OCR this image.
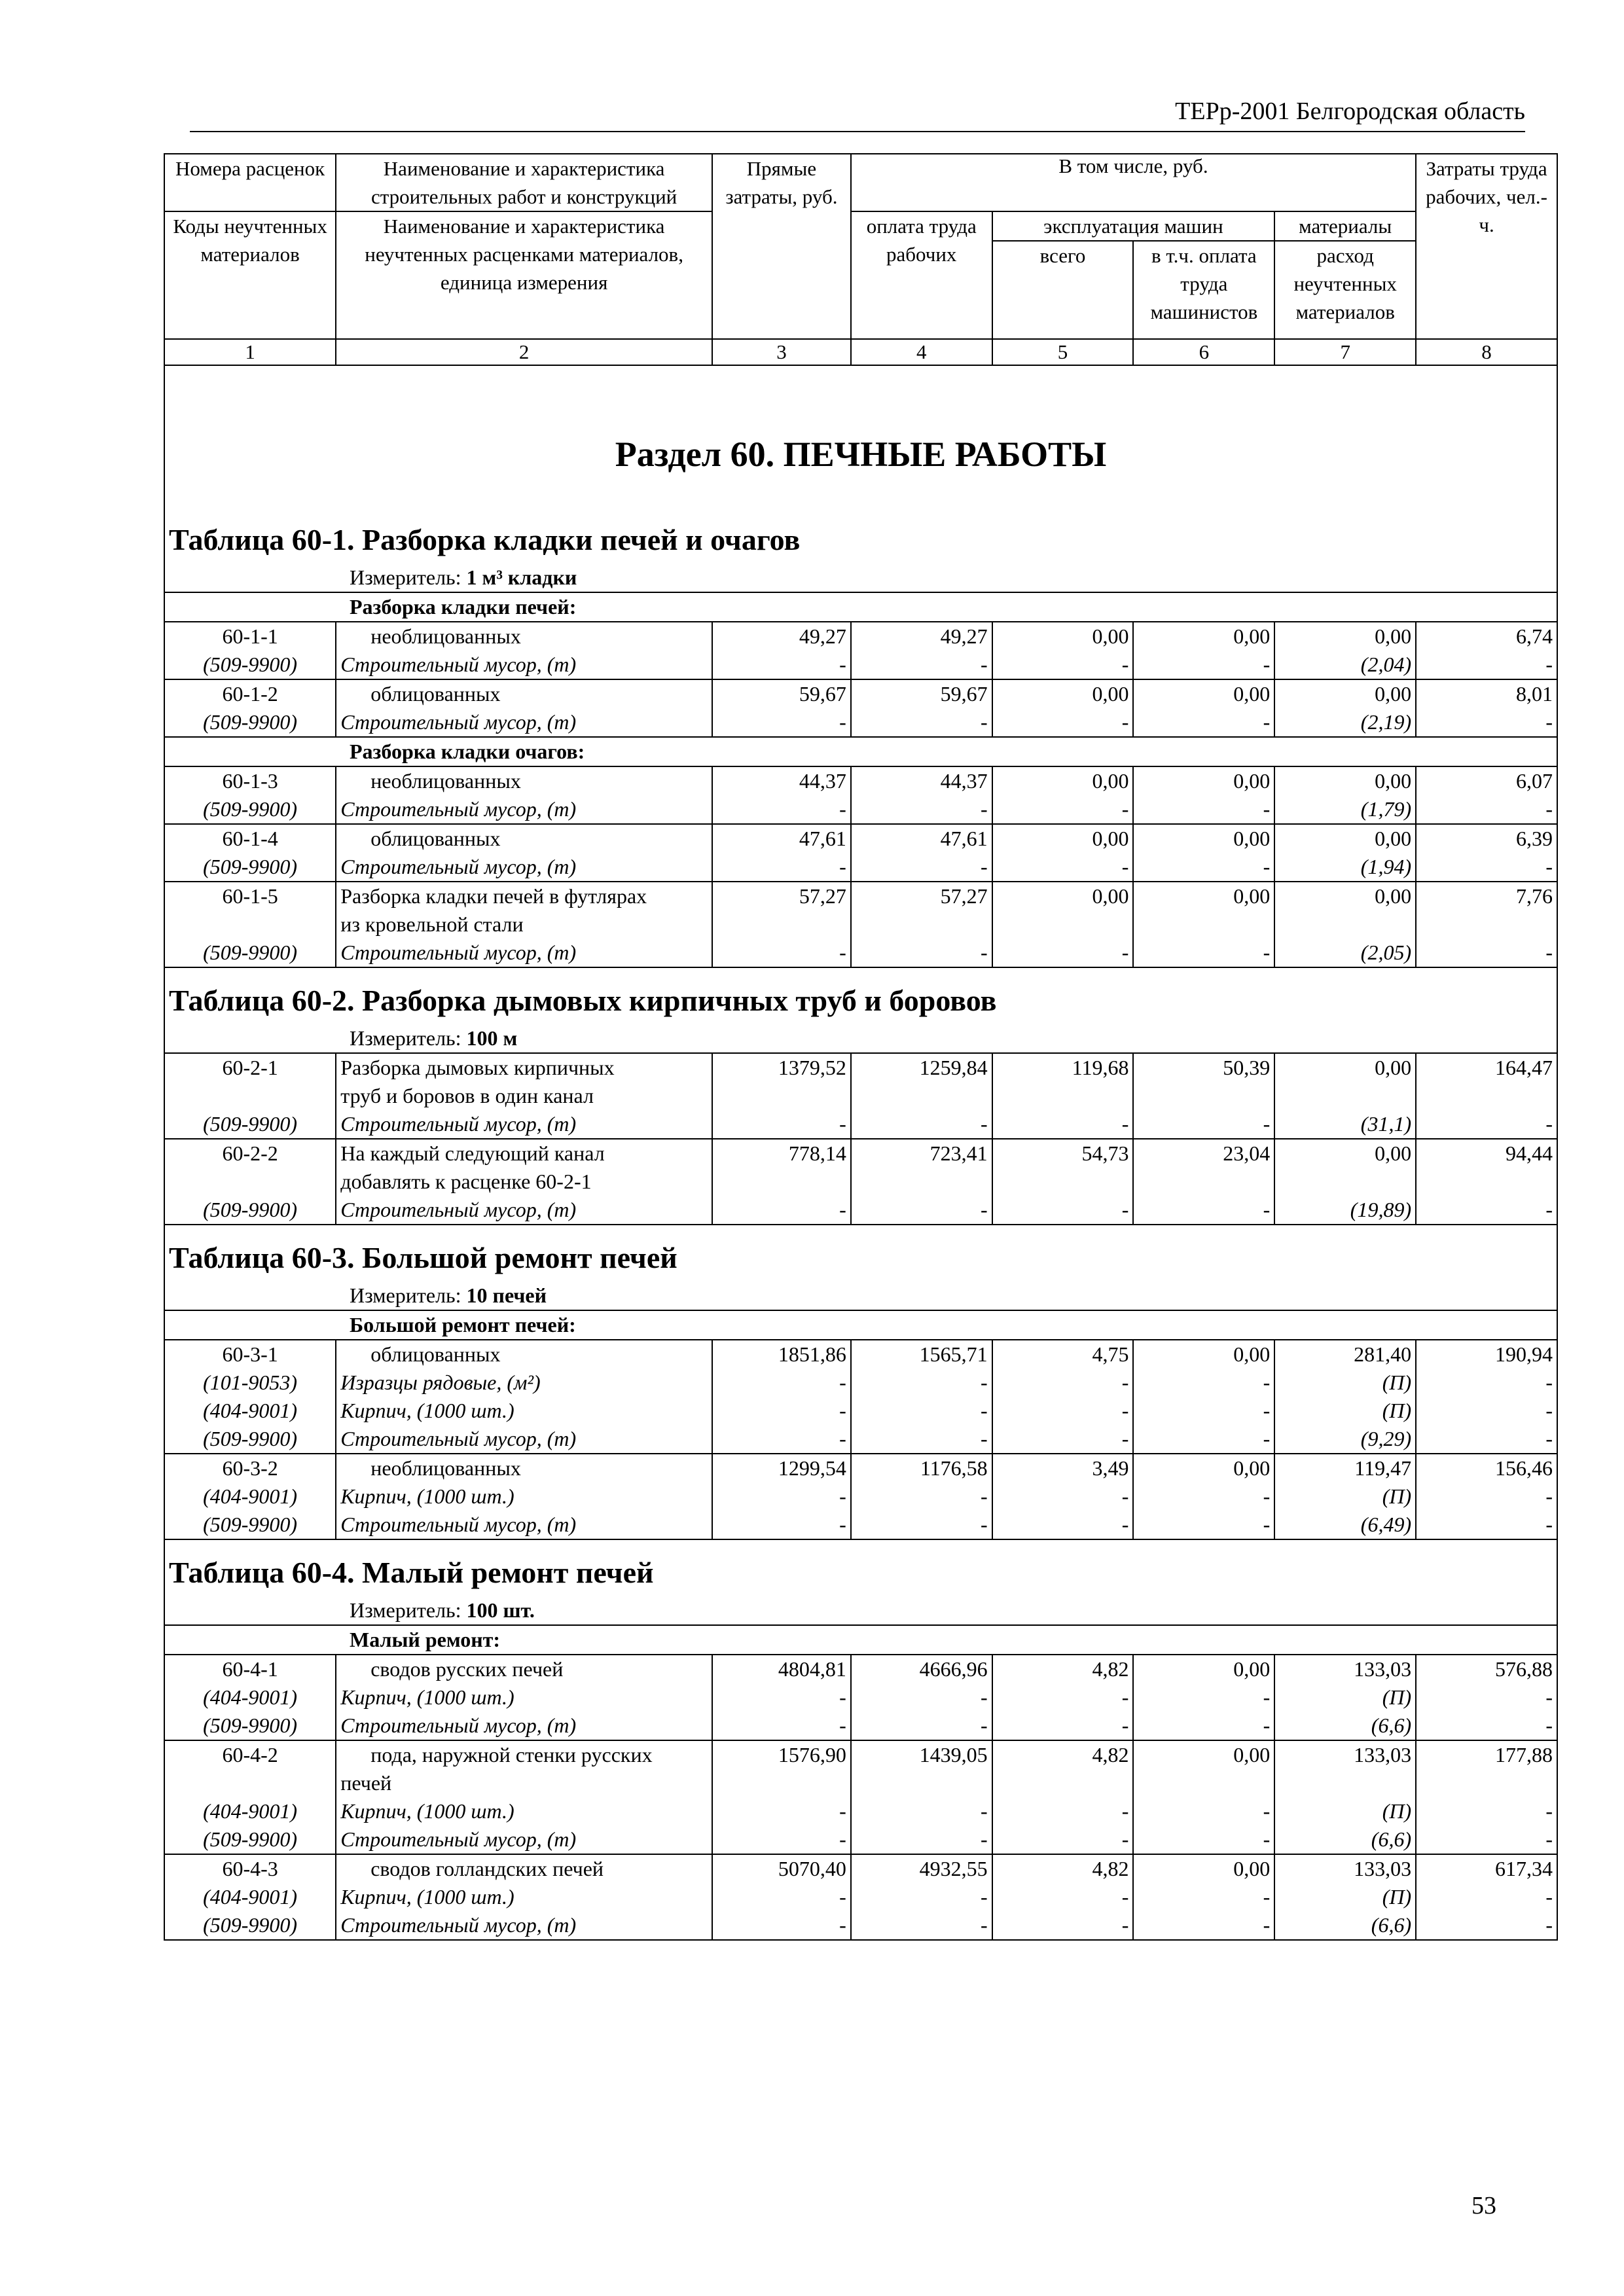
ТЕРр-2001 Белгородская область
Номера расценок	Наименование и характеристика строительных работ и конструкций	Прямые затраты, руб.	В том числе, руб.				Затраты труда рабочих, чел.-ч.
Коды неучтенных материалов	Наименование и характеристика неучтенных расценками материалов, единица измерения		оплата труда рабочих	эксплуатация машин		материалы	
				всего	в т.ч. оплата труда машинистов	расход неучтенных материалов	
1	2	3	4	5	6	7	8
Раздел 60. ПЕЧНЫЕ РАБОТЫ							
Таблица 60-1. Разборка кладки печей и очагов							
Измеритель: 1 м³ кладки							
Разборка кладки печей:							
60-1-1	необлицованных	49,27	49,27	0,00	0,00	0,00	6,74
(509-9900)	Строительный мусор, (т)	-	-	-	-	(2,04)	-
60-1-2	облицованных	59,67	59,67	0,00	0,00	0,00	8,01
(509-9900)	Строительный мусор, (т)	-	-	-	-	(2,19)	-
Разборка кладки очагов:							
60-1-3	необлицованных	44,37	44,37	0,00	0,00	0,00	6,07
(509-9900)	Строительный мусор, (т)	-	-	-	-	(1,79)	-
60-1-4	облицованных	47,61	47,61	0,00	0,00	0,00	6,39
(509-9900)	Строительный мусор, (т)	-	-	-	-	(1,94)	-
60-1-5	Разборка кладки печей в футлярах	57,27	57,27	0,00	0,00	0,00	7,76
	из кровельной стали						
(509-9900)	Строительный мусор, (т)	-	-	-	-	(2,05)	-
Таблица 60-2. Разборка дымовых кирпичных труб и боровов							
Измеритель: 100 м							
60-2-1	Разборка дымовых кирпичных	1379,52	1259,84	119,68	50,39	0,00	164,47
	труб и боровов в один канал						
(509-9900)	Строительный мусор, (т)	-	-	-	-	(31,1)	-
60-2-2	На каждый следующий канал	778,14	723,41	54,73	23,04	0,00	94,44
	добавлять к расценке 60-2-1						
(509-9900)	Строительный мусор, (т)	-	-	-	-	(19,89)	-
Таблица 60-3. Большой ремонт печей							
Измеритель: 10 печей							
Большой ремонт печей:							
60-3-1	облицованных	1851,86	1565,71	4,75	0,00	281,40	190,94
(101-9053)	Изразцы рядовые, (м²)	-	-	-	-	(П)	-
(404-9001)	Кирпич, (1000 шт.)	-	-	-	-	(П)	-
(509-9900)	Строительный мусор, (т)	-	-	-	-	(9,29)	-
60-3-2	необлицованных	1299,54	1176,58	3,49	0,00	119,47	156,46
(404-9001)	Кирпич, (1000 шт.)	-	-	-	-	(П)	-
(509-9900)	Строительный мусор, (т)	-	-	-	-	(6,49)	-
Таблица 60-4. Малый ремонт печей							
Измеритель: 100 шт.							
Малый ремонт:							
60-4-1	сводов русских печей	4804,81	4666,96	4,82	0,00	133,03	576,88
(404-9001)	Кирпич, (1000 шт.)	-	-	-	-	(П)	-
(509-9900)	Строительный мусор, (т)	-	-	-	-	(6,6)	-
60-4-2	пода, наружной стенки русских	1576,90	1439,05	4,82	0,00	133,03	177,88
	печей						
(404-9001)	Кирпич, (1000 шт.)	-	-	-	-	(П)	-
(509-9900)	Строительный мусор, (т)	-	-	-	-	(6,6)	-
60-4-3	сводов голландских печей	5070,40	4932,55	4,82	0,00	133,03	617,34
(404-9001)	Кирпич, (1000 шт.)	-	-	-	-	(П)	-
(509-9900)	Строительный мусор, (т)	-	-	-	-	(6,6)	-
53
